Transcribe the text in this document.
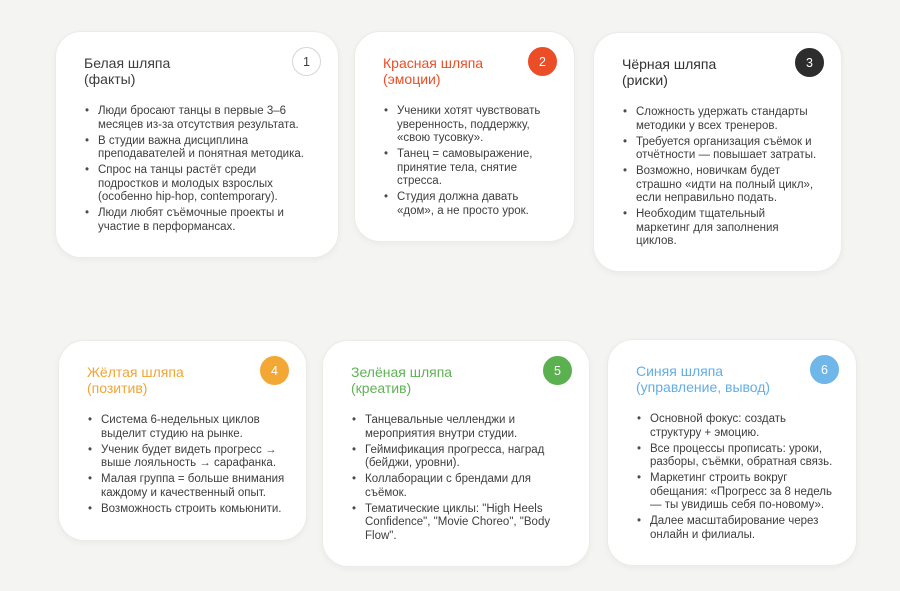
Белая шляпа
(факты)
1
• Люди бросают танцы в первые 3–6 месяцев из-за отсутствия результата.
• В студии важна дисциплина преподавателей и понятная методика.
• Спрос на танцы растёт среди подростков и молодых взрослых (особенно hip-hop, contemporary).
• Люди любят съёмочные проекты и участие в перформансах.
Красная шляпа
(эмоции)
2
• Ученики хотят чувствовать уверенность, поддержку, «свою тусовку».
• Танец = самовыражение, принятие тела, снятие стресса.
• Студия должна давать «дом», а не просто урок.
Чёрная шляпа
(риски)
3
• Сложность удержать стандарты методики у всех тренеров.
• Требуется организация съёмок и отчётности — повышает затраты.
• Возможно, новичкам будет страшно «идти на полный цикл», если неправильно подать.
• Необходим тщательный маркетинг для заполнения циклов.
Жёлтая шляпа
(позитив)
4
• Система 6-недельных циклов выделит студию на рынке.
• Ученик будет видеть прогресс → выше лояльность → сарафанка.
• Малая группа = больше внимания каждому и качественный опыт.
• Возможность строить комьюнити.
Зелёная шляпа
(креатив)
5
• Танцевальные челленджи и мероприятия внутри студии.
• Геймификация прогресса, наград (бейджи, уровни).
• Коллаборации с брендами для съёмок.
• Тематические циклы: "High Heels Confidence", "Movie Choreo", "Body Flow".
Синяя шляпа
(управление, вывод)
6
• Основной фокус: создать структуру + эмоцию.
• Все процессы прописать: уроки, разборы, съёмки, обратная связь.
• Маркетинг строить вокруг обещания: «Прогресс за 8 недель — ты увидишь себя по-новому».
• Далее масштабирование через онлайн и филиалы.
